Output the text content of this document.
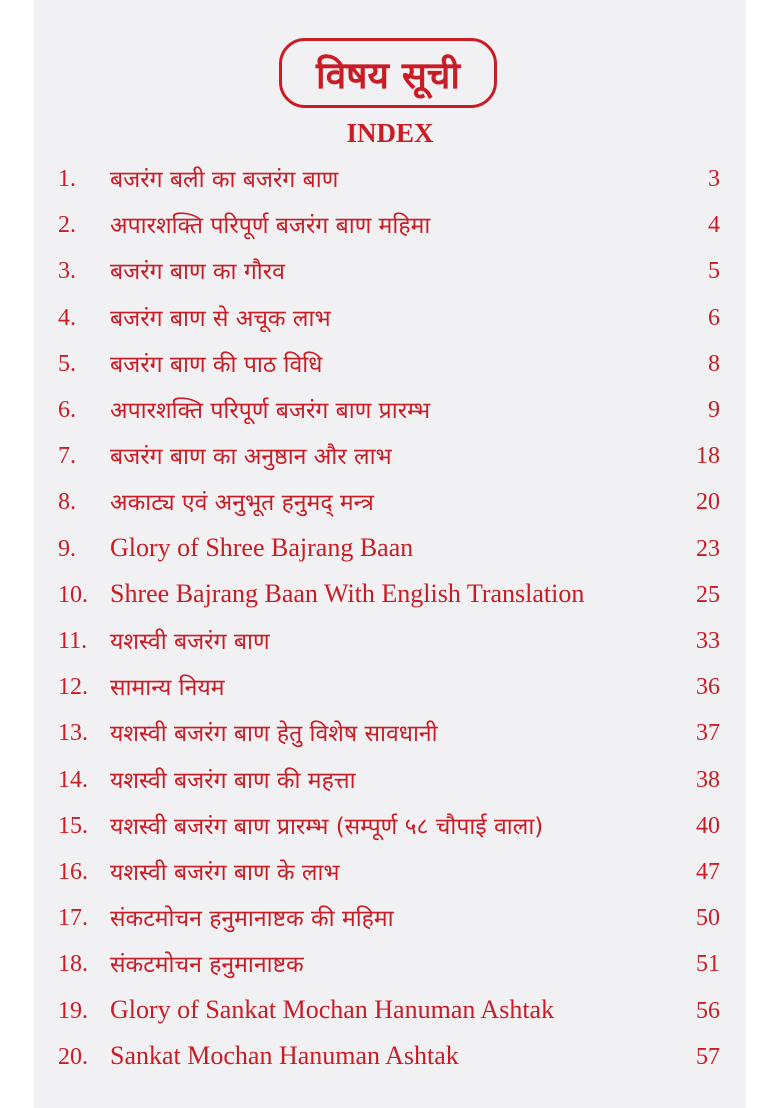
विषय सूची
INDEX
1. बजरंग बली का बजरंग बाण	3
2. अपारशक्ति परिपूर्ण बजरंग बाण महिमा	4
3. बजरंग बाण का गौरव	5
4. बजरंग बाण से अचूक लाभ	6
5. बजरंग बाण की पाठ विधि	8
6. अपारशक्ति परिपूर्ण बजरंग बाण प्रारम्भ	9
7. बजरंग बाण का अनुष्ठान और लाभ	18
8. अकाट्य एवं अनुभूत हनुमद् मन्त्र	20
9. Glory of Shree Bajrang Baan	23
10. Shree Bajrang Baan With English Translation	25
11. यशस्वी बजरंग बाण	33
12. सामान्य नियम	36
13. यशस्वी बजरंग बाण हेतु विशेष सावधानी	37
14. यशस्वी बजरंग बाण की महत्ता	38
15. यशस्वी बजरंग बाण प्रारम्भ (सम्पूर्ण ५८ चौपाई वाला)	40
16. यशस्वी बजरंग बाण के लाभ	47
17. संकटमोचन हनुमानाष्टक की महिमा	50
18. संकटमोचन हनुमानाष्टक	51
19. Glory of Sankat Mochan Hanuman Ashtak	56
20. Sankat Mochan Hanuman Ashtak	57
